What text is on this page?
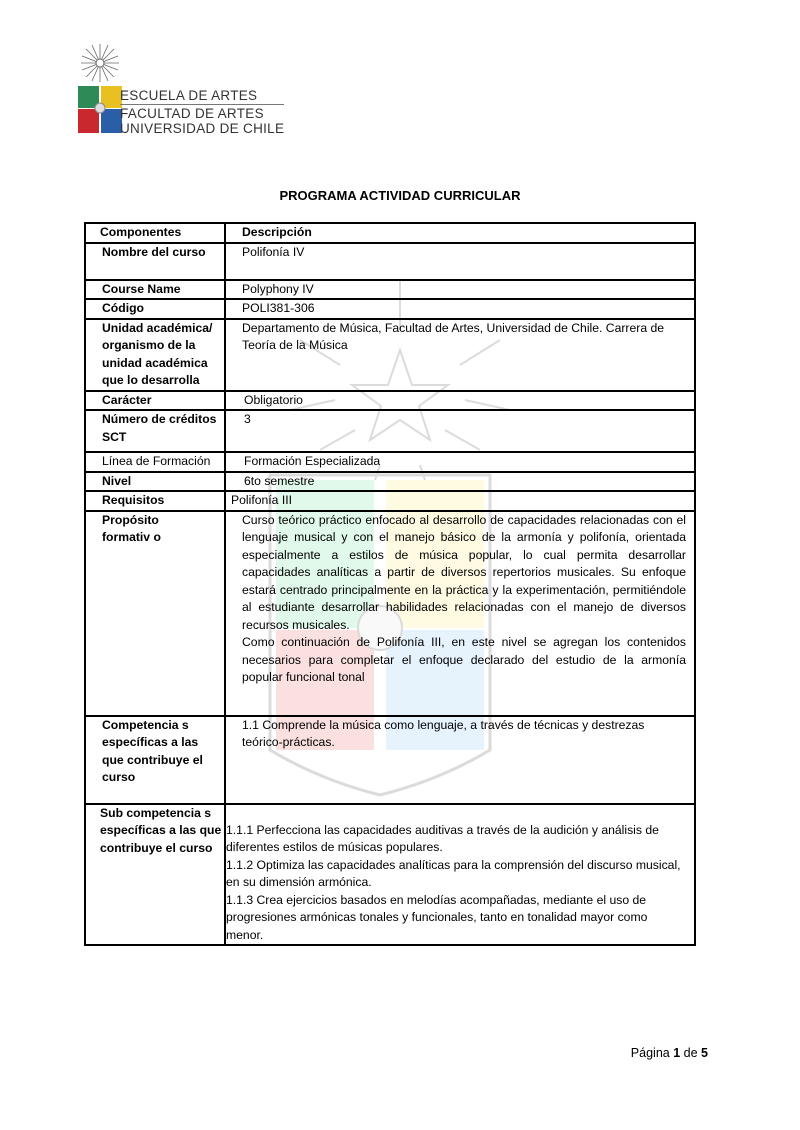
ESCUELA DE ARTES
FACULTAD DE ARTES
UNIVERSIDAD DE CHILE
PROGRAMA ACTIVIDAD CURRICULAR
Componentes	Descripción
Nombre del curso	Polifonía IV
Course Name	Polyphony IV
Código	POLI381-306
Unidad académica/ organismo de la unidad académica que lo desarrolla	Departamento de Música, Facultad de Artes, Universidad de Chile. Carrera de Teoría de la Música
Carácter	Obligatorio
Número de créditos SCT	3
Línea de Formación	Formación Especializada
Nivel	6to semestre
Requisitos	Polifonía III
Propósito formativ o	Curso teórico práctico enfocado al desarrollo de capacidades relacionadas con el lenguaje musical y con el manejo básico de la armonía y polifonía, orientada especialmente a estilos de música popular, lo cual permita desarrollar capacidades analíticas a partir de diversos repertorios musicales. Su enfoque estará centrado principalmente en la práctica y la experimentación, permitiéndole al estudiante desarrollar habilidades relacionadas con el manejo de diversos recursos musicales.
Como continuación de Polifonía III, en este nivel se agregan los contenidos necesarios para completar el enfoque declarado del estudio de la armonía popular funcional tonal

Competencia s específicas a las que contribuye el curso	1.1 Comprende la música como lenguaje, a través de técnicas y destrezas teórico-prácticas.
Sub competencia s específicas a las que contribuye el curso	1.1.1 Perfecciona las capacidades auditivas a través de la audición y análisis de diferentes estilos de músicas populares.
1.1.2 Optimiza las capacidades analíticas para la comprensión del discurso musical, en su dimensión armónica.
1.1.3 Crea ejercicios basados en melodías acompañadas, mediante el uso de progresiones armónicas tonales y funcionales, tanto en tonalidad mayor como menor.
Página 1 de 5
